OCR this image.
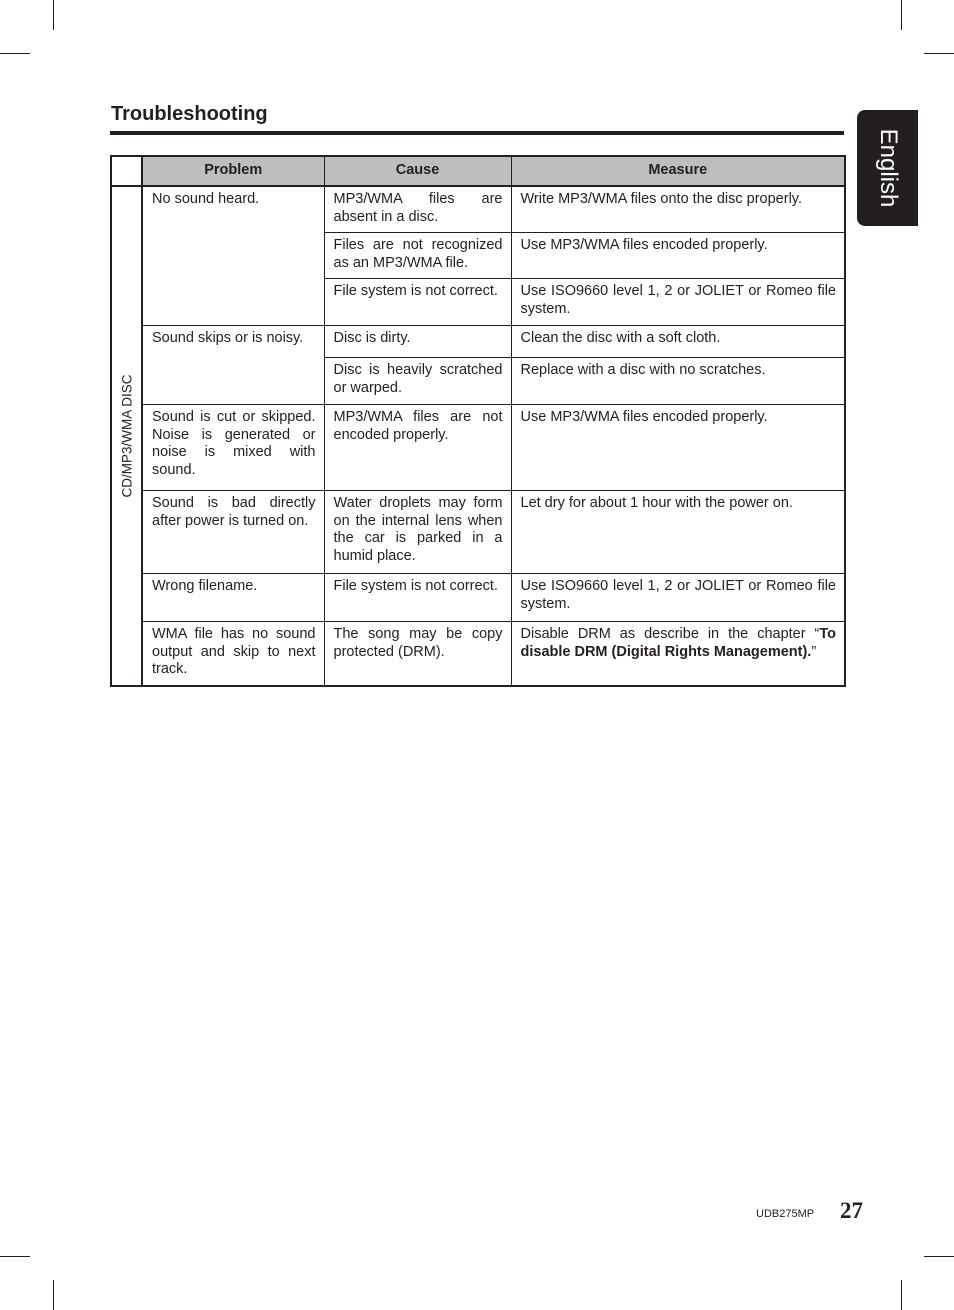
Troubleshooting
English
	Problem	Cause	Measure

CD/MP3/WMA DISC	No sound heard.	MP3/WMA files are absent in a disc.	Write MP3/WMA files onto the disc properly.

		Files are not recognized as an MP3/WMA file.	Use MP3/WMA files encoded properly.

		File system is not correct.	Use ISO9660 level 1, 2 or JOLIET or Romeo file system.

	Sound skips or is noisy.	Disc is dirty.	Clean the disc with a soft cloth.

		Disc is heavily scratched or warped.	Replace with a disc with no scratches.

	Sound is cut or skipped. Noise is generated or noise is mixed with sound.	MP3/WMA files are not encoded properly.	Use MP3/WMA files encoded properly.

	Sound is bad directly after power is turned on.	Water droplets may form on the internal lens when the car is parked in a humid place.	Let dry for about 1 hour with the power on.

	Wrong filename.	File system is not correct.	Use ISO9660 level 1, 2 or JOLIET or Romeo file system.

	WMA file has no sound output and skip to next track.	The song may be copy protected (DRM).	Disable DRM as describe in the chapter “To disable DRM (Digital Rights Management).”
UDB275MP 27
